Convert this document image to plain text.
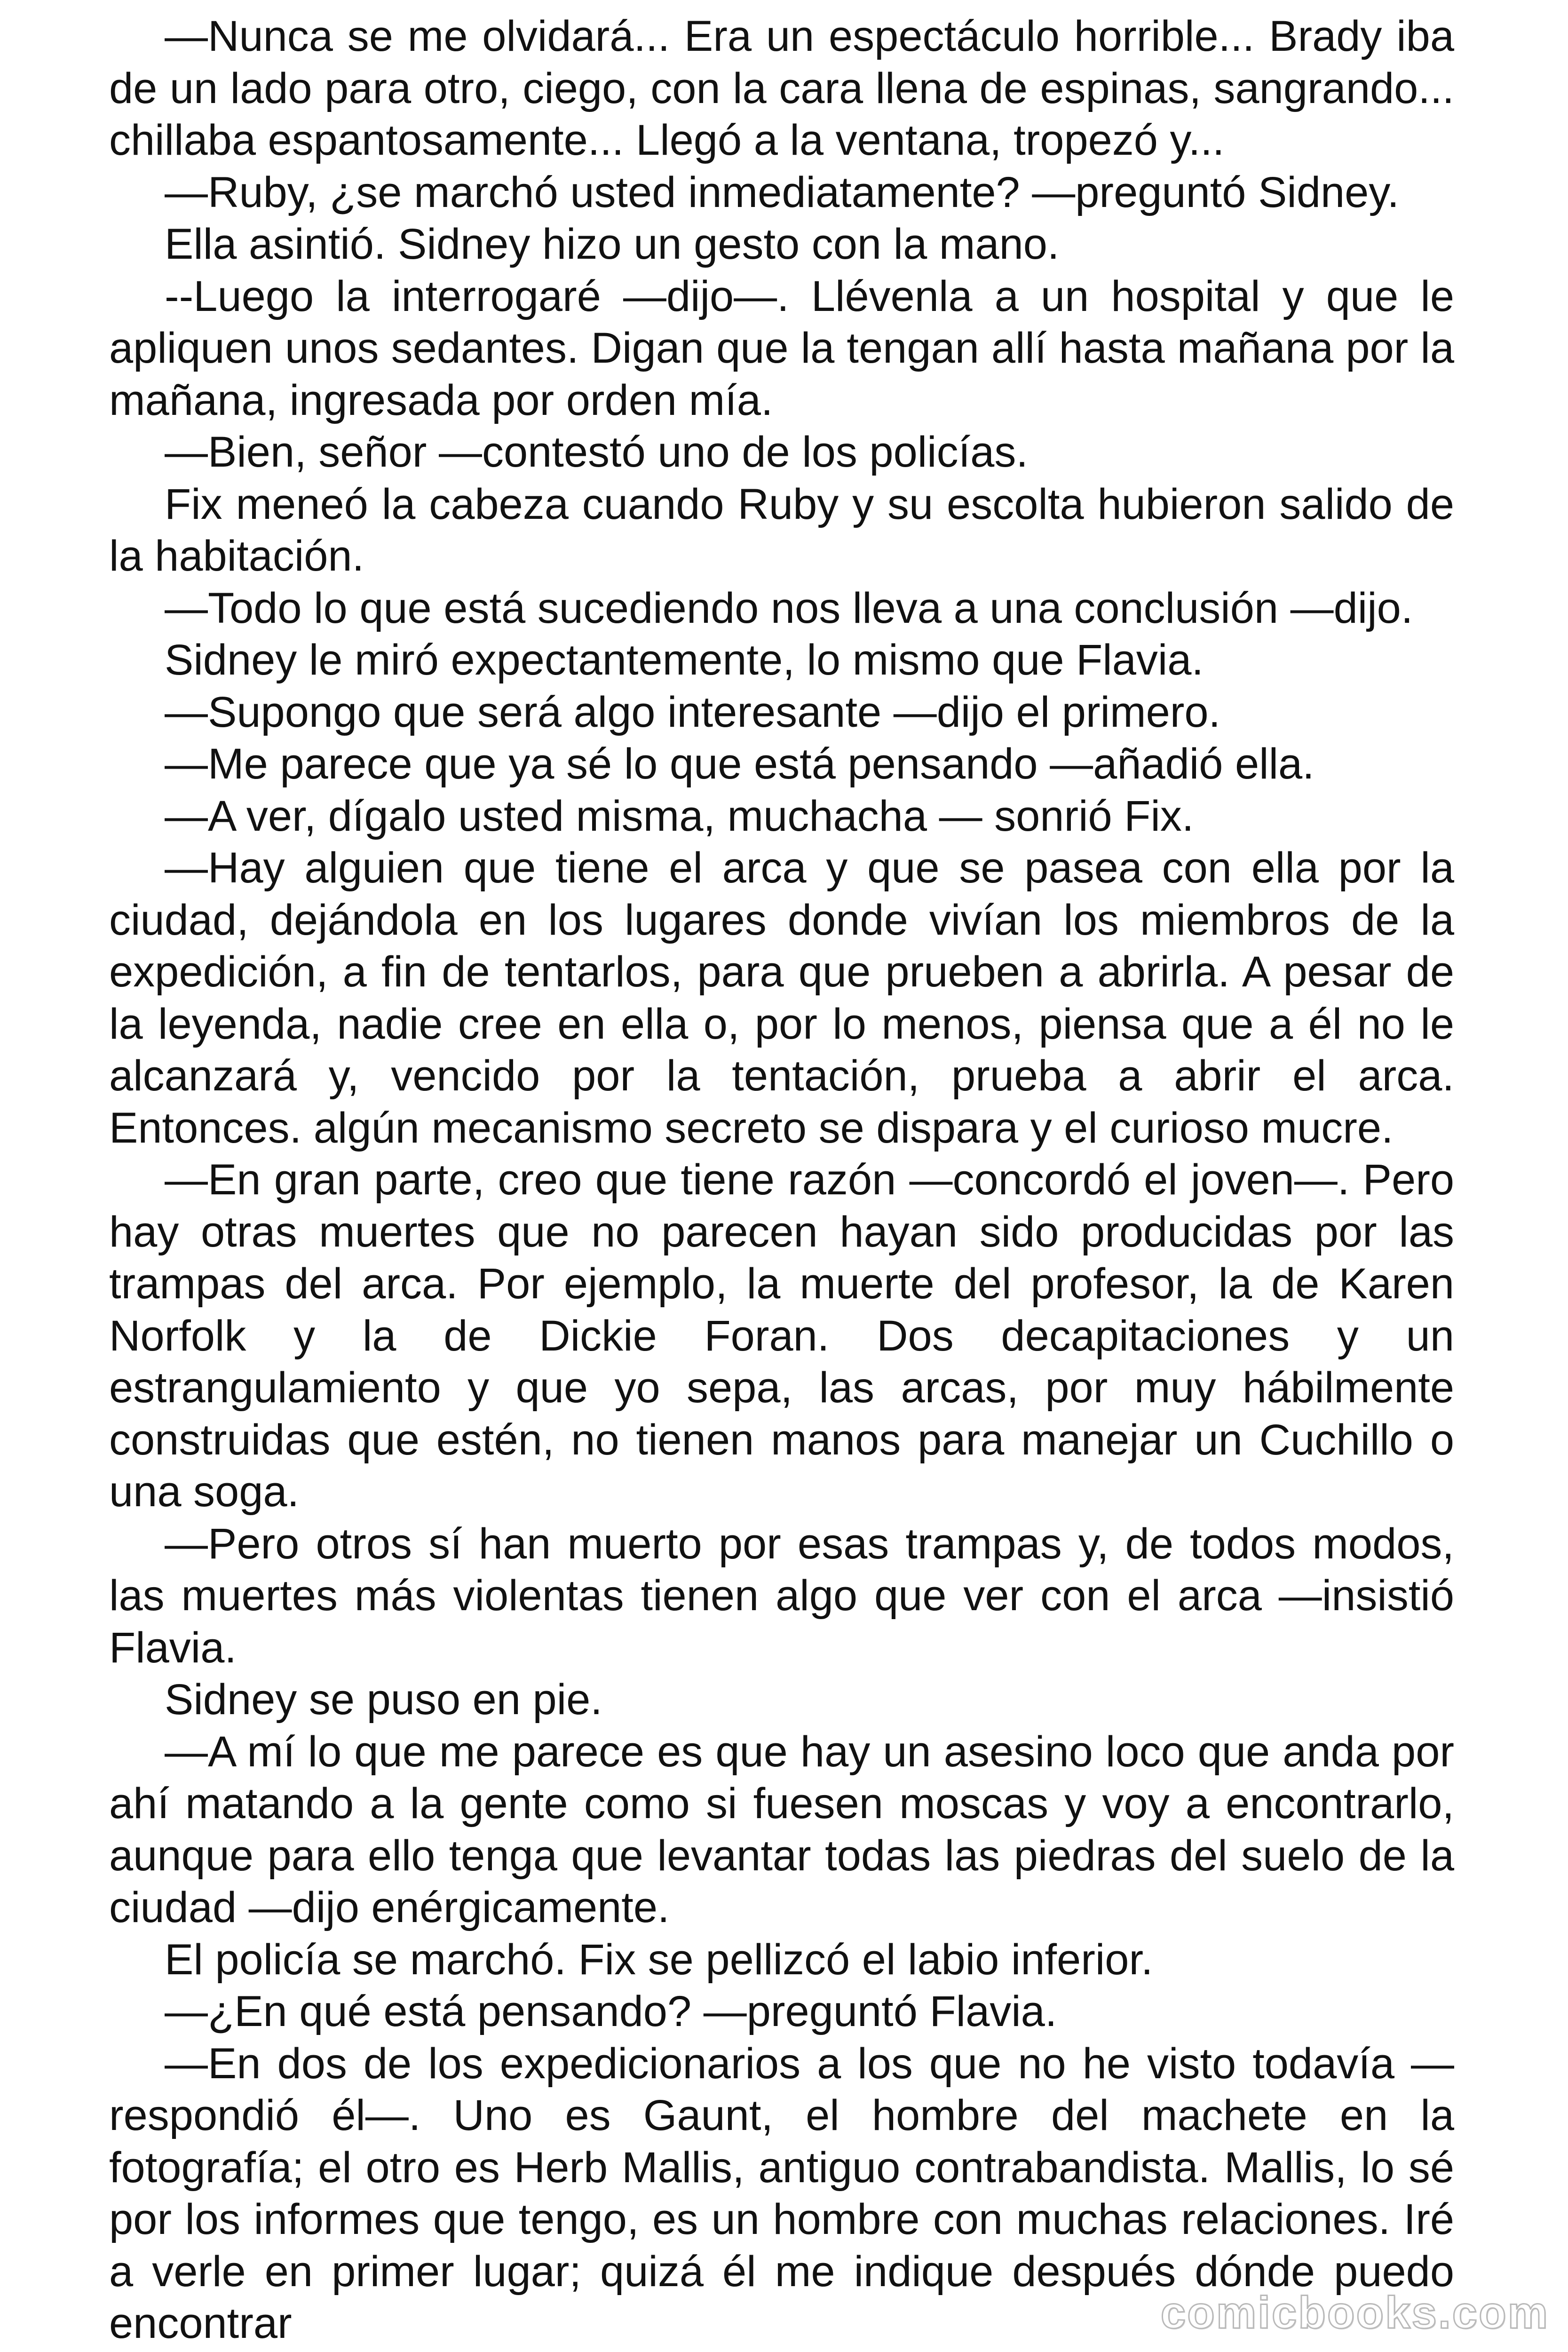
—Nunca se me olvidará... Era un espectáculo horrible... Brady iba de un lado para otro, ciego, con la cara llena de espinas, sangrando... chillaba espantosamente... Llegó a la ventana, tropezó y...

—Ruby, ¿se marchó usted inmediatamente? —preguntó Sidney.

Ella asintió. Sidney hizo un gesto con la mano.

--Luego la interrogaré —dijo—. Llévenla a un hospital y que le apliquen unos sedantes. Digan que la tengan allí hasta mañana por la mañana, ingresada por orden mía.

—Bien, señor —contestó uno de los policías.

Fix meneó la cabeza cuando Ruby y su escolta hubieron salido de la habitación.

—Todo lo que está sucediendo nos lleva a una conclusión —dijo.

Sidney le miró expectantemente, lo mismo que Flavia.

—Supongo que será algo interesante —dijo el primero.

—Me parece que ya sé lo que está pensando —añadió ella.

—A ver, dígalo usted misma, muchacha — sonrió Fix.

—Hay alguien que tiene el arca y que se pasea con ella por la ciudad, dejándola en los lugares donde vivían los miembros de la expedición, a fin de tentarlos, para que prueben a abrirla. A pesar de la leyenda, nadie cree en ella o, por lo menos, piensa que a él no le alcanzará y, vencido por la tentación, prueba a abrir el arca. Entonces. algún mecanismo secreto se dispara y el curioso mucre.

—En gran parte, creo que tiene razón —concordó el joven—. Pero hay otras muertes que no parecen hayan sido producidas por las trampas del arca. Por ejemplo, la muerte del profesor, la de Karen Norfolk y la de Dickie Foran. Dos decapitaciones y un estrangulamiento y que yo sepa, las arcas, por muy hábilmente construidas que estén, no tienen manos para manejar un Cuchillo o una soga.

—Pero otros sí han muerto por esas trampas y, de todos modos, las muertes más violentas tienen algo que ver con el arca —insistió Flavia.

Sidney se puso en pie.

—A mí lo que me parece es que hay un asesino loco que anda por ahí matando a la gente como si fuesen moscas y voy a encontrarlo, aunque para ello tenga que levantar todas las piedras del suelo de la ciudad —dijo enérgicamente.

El policía se marchó. Fix se pellizcó el labio inferior.

—¿En qué está pensando? —preguntó Flavia.

—En dos de los expedicionarios a los que no he visto todavía — respondió él—. Uno es Gaunt, el hombre del machete en la fotografía; el otro es Herb Mallis, antiguo contrabandista. Mallis, lo sé por los informes que tengo, es un hombre con muchas relaciones. Iré a verle en primer lugar; quizá él me indique después dónde puedo encontrar	comicbooks.com
